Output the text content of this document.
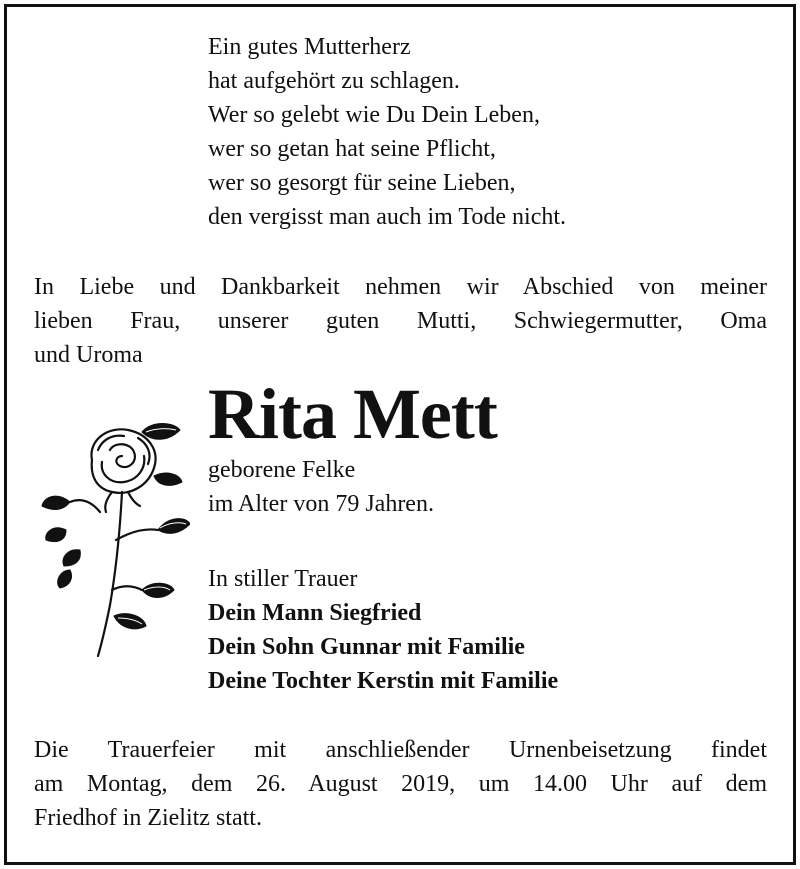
Ein gutes Mutterherz
hat aufgehört zu schlagen.
Wer so gelebt wie Du Dein Leben,
wer so getan hat seine Pflicht,
wer so gesorgt für seine Lieben,
den vergisst man auch im Tode nicht.
In Liebe und Dankbarkeit nehmen wir Abschied von meiner
lieben Frau, unserer guten Mutti, Schwiegermutter, Oma
und Uroma
Rita Mett
geborene Felke
im Alter von 79 Jahren.
In stiller Trauer
Dein Mann Siegfried
Dein Sohn Gunnar mit Familie
Deine Tochter Kerstin mit Familie
Die Trauerfeier mit anschließender Urnenbeisetzung findet
am Montag, dem 26. August 2019, um 14.00 Uhr auf dem
Friedhof in Zielitz statt.
